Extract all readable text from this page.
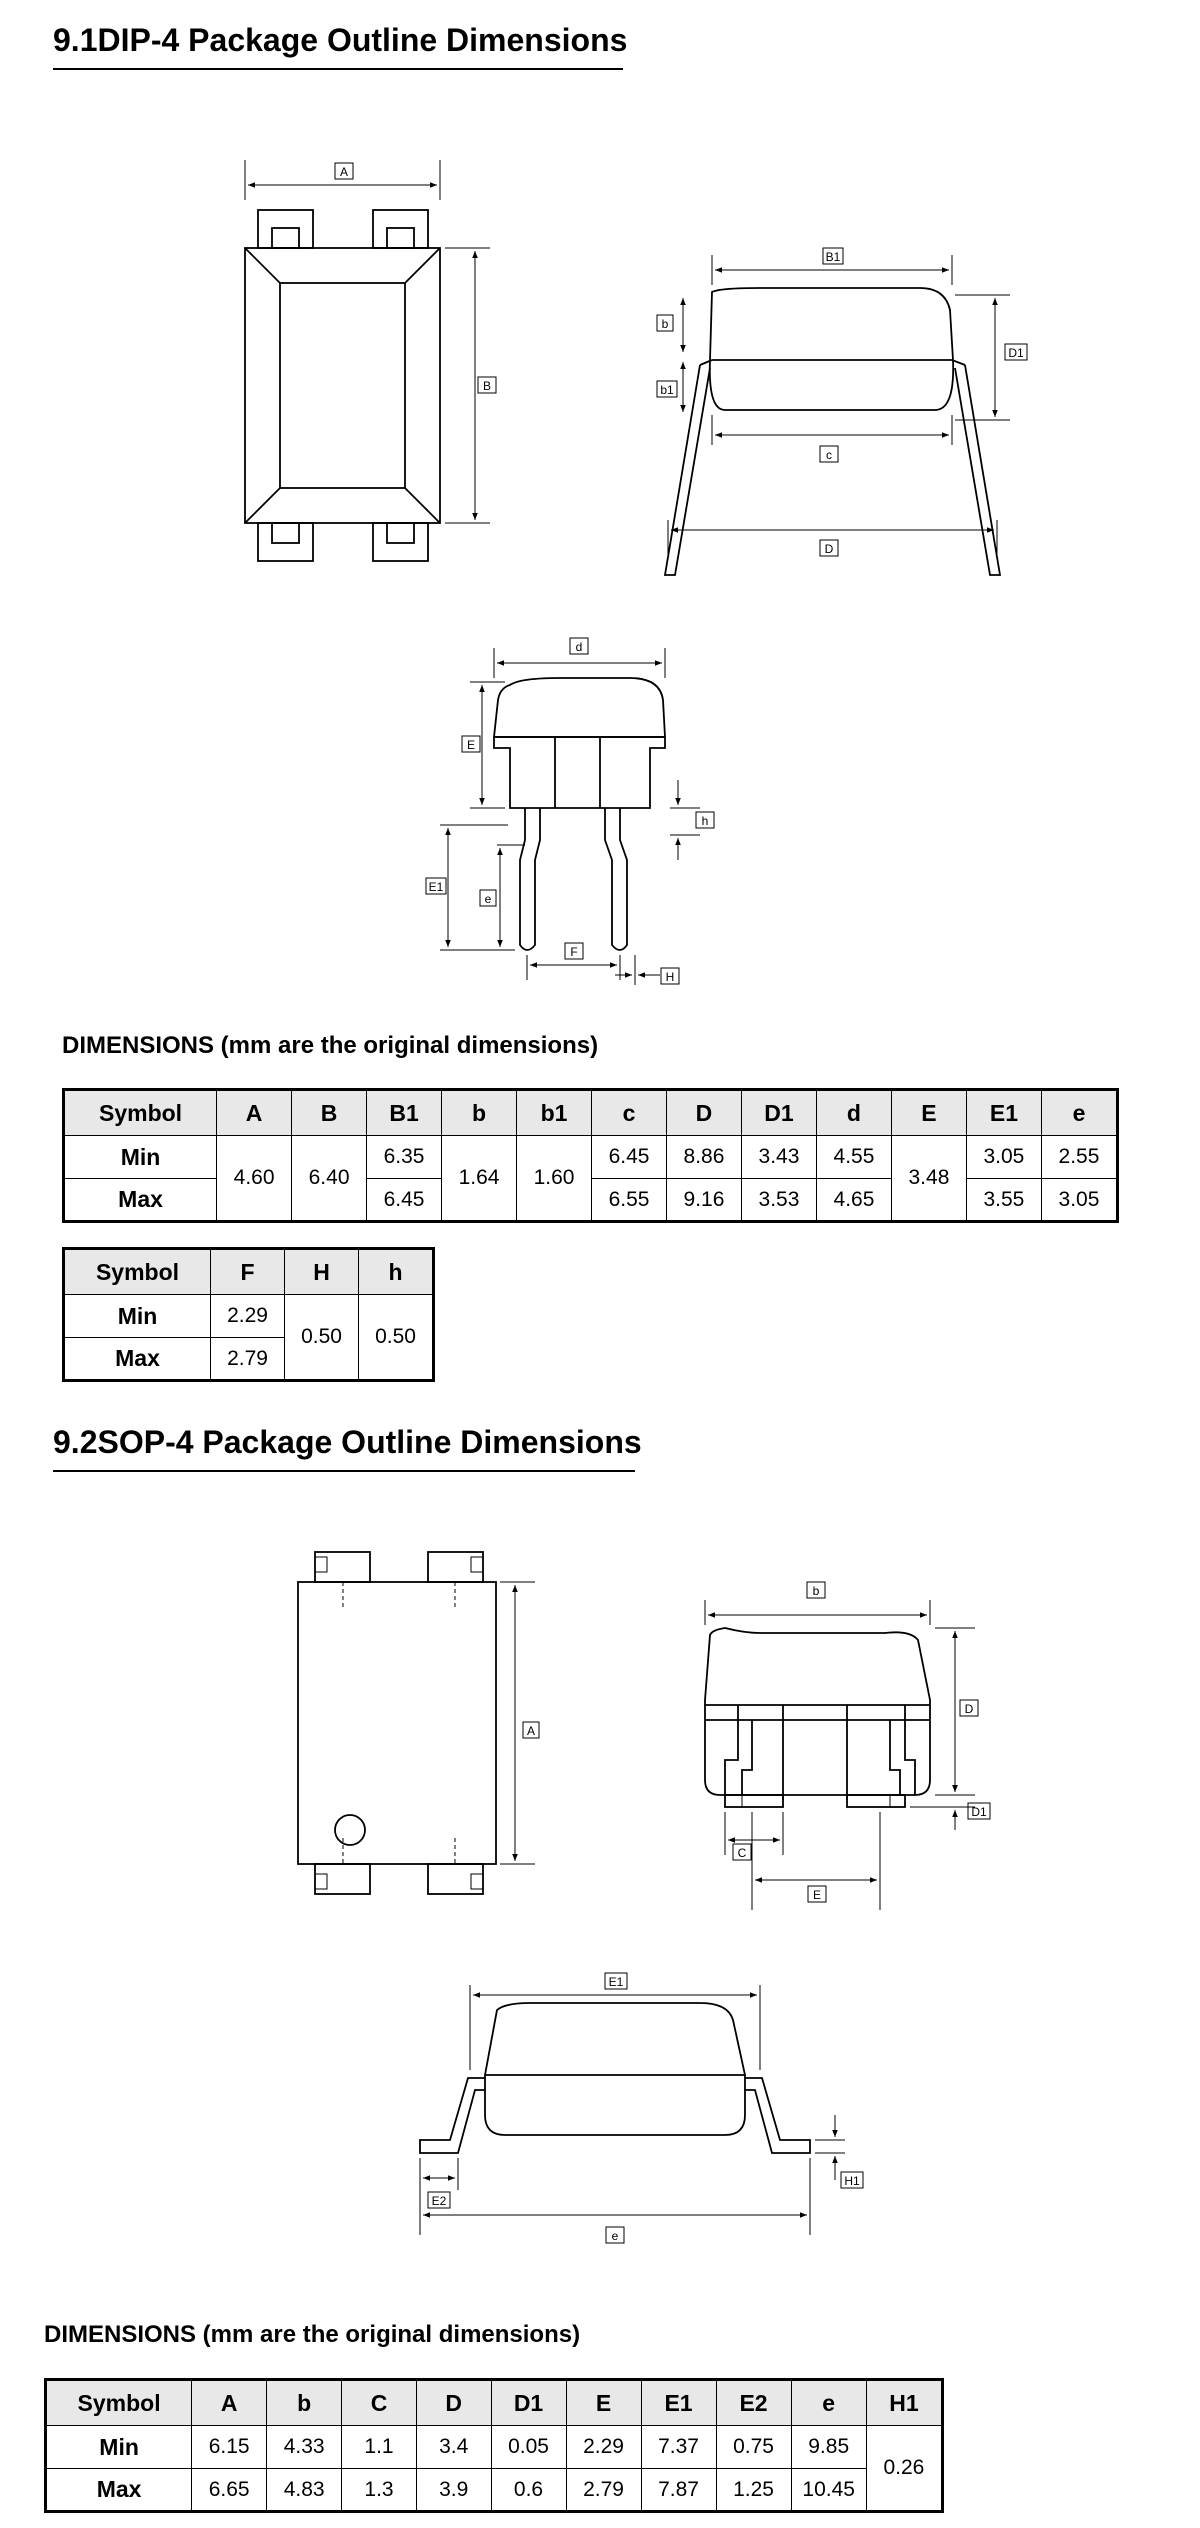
9.1DIP-4 Package Outline Dimensions
A
B
B1
D1
b
b1
c
D
d
E
h
E1
e
F
H
DIMENSIONS (mm are the original dimensions)
Symbol	A	B	B1	b	b1	c	D	D1	d	E	E1	e
Min	4.60	6.40	6.35	1.64	1.60	6.45	8.86	3.43	4.55	3.48	3.05	2.55
Max			6.45			6.55	9.16	3.53	4.65		3.55	3.05
Symbol	F	H	h
Min	2.29	0.50	0.50
Max	2.79		
9.2SOP-4 Package Outline Dimensions
A
b
D
D1
C
E
E1
H1
E2
e
DIMENSIONS (mm are the original dimensions)
Symbol	A	b	C	D	D1	E	E1	E2	e	H1
Min	6.15	4.33	1.1	3.4	0.05	2.29	7.37	0.75	9.85	0.26
Max	6.65	4.83	1.3	3.9	0.6	2.79	7.87	1.25	10.45	
